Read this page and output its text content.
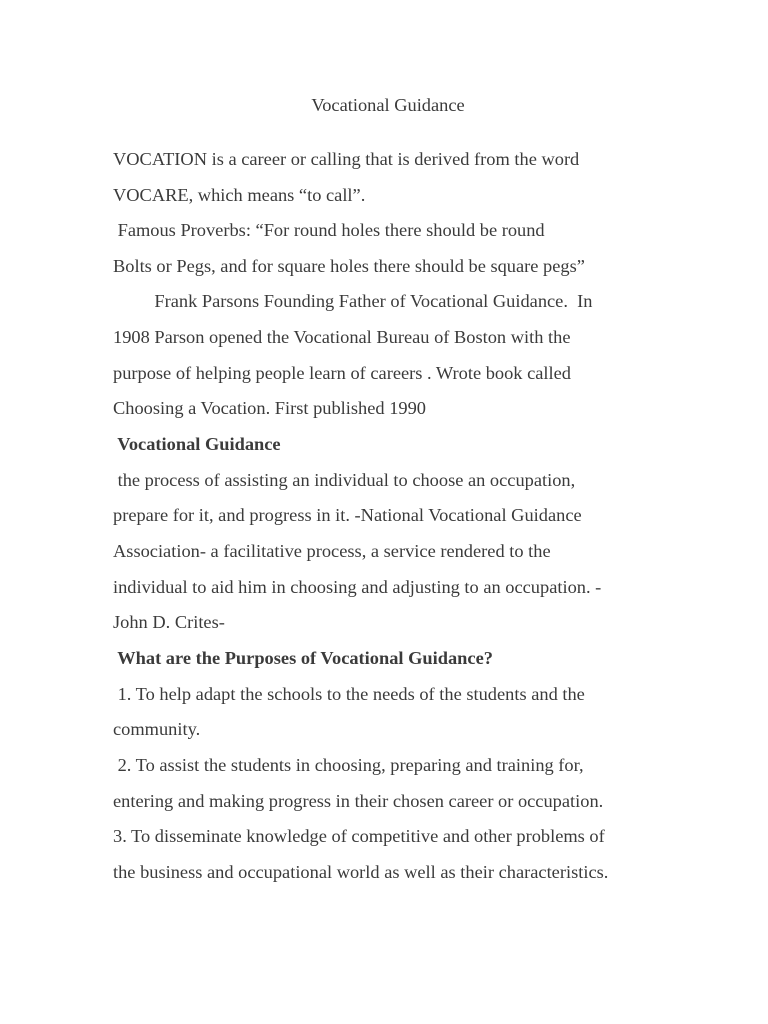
Vocational Guidance

VOCATION is a career or calling that is derived from the word

VOCARE, which means “to call”.

Famous Proverbs: “For round holes there should be round

Bolts or Pegs, and for square holes there should be square pegs”

Frank Parsons Founding Father of Vocational Guidance.  In

1908 Parson opened the Vocational Bureau of Boston with the

purpose of helping people learn of careers . Wrote book called

Choosing a Vocation. First published 1990

Vocational Guidance

the process of assisting an individual to choose an occupation,

prepare for it, and progress in it. -National Vocational Guidance

Association- a facilitative process, a service rendered to the

individual to aid him in choosing and adjusting to an occupation. -

John D. Crites-

What are the Purposes of Vocational Guidance?

1. To help adapt the schools to the needs of the students and the

community.

2. To assist the students in choosing, preparing and training for,

entering and making progress in their chosen career or occupation.

3. To disseminate knowledge of competitive and other problems of

the business and occupational world as well as their characteristics.
